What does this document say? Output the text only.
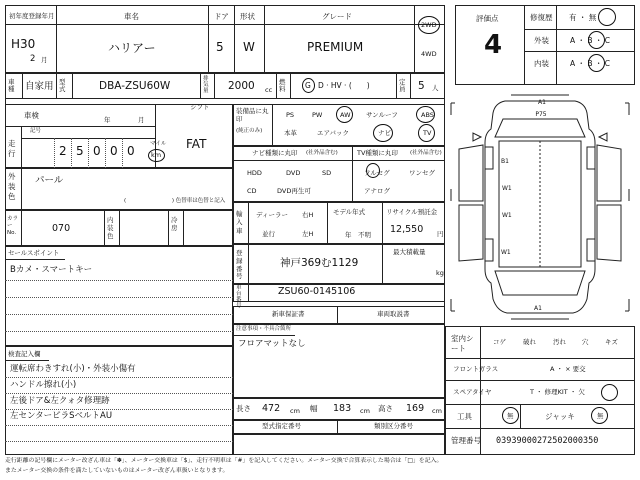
初年度登録年月
H30
2 月
車名
ハリアー
ドア
5
形状
W
グレード
PREMIUM
2WD
4WD
車種	自家用 型式	DBA-ZSU60W
排気量	2000 cc
燃料	G · D · HV · (　　)	定員	5 人
評価点
4
修復歴 有 ・ 無
外装	A ・ B ・ C
内装	A ・ B ・ C
車検	年	月
シフト
FAT
走行
記号
2 5 0 0 0	マイル
km
外装色
パール
( 　　　　　　　　) 色替車は色替と記入
カラーNo.	070
内装色
冷房
セールスポイント
Bカメ・スマートキー
検査記入欄
運転席わきすれ(小)・外装小傷有
ハンドル擦れ(小)
左後ドア&左クォタ修理跡
左センターピラSベルトAU
装備品に丸印
(純正のみ)
PS	PW	AW サンルーフ	ABS
本革	エアバック	ナビ	TV
ナビ種類に丸印 (社外品含む)
HDD	DVD	SD
CD	DVD再生可
TV種類に丸印 (社外品含む)
フルセグ	ワンセグ
アナログ
輸入車
ディーラー
並行
右H
左H
モデル年式
年　不明
リサイクル預託金
12,550 円
登録番号
神戸369む1129
最大積載量
kg
車台番号
ZSU60-0145106
新車保証書	車両取説書
注意事項・不具合箇所
フロアマットなし
長さ 472 cm 幅 183 cm 高さ 169 cm
型式指定番号	類別区分番号
A1
P75
B1
W1
W1
W1
A1
室内シート
コゲ	破れ	汚れ 穴	キズ
フロントガラス	A ・ × 要交
スペアタイヤ	T ・ 修理KIT ・ 欠
工具	無	ジャッキ	無
管理番号 03939000272502000350
走行距離の記号欄にメーター改ざん車は「✽」、メーター交換車は「$」、走行不明車は「#」を記入してください。メーター交換で合算表示した場合は「□」を記入。
またメーター交換の条件を満たしていないものはメーター改ざん車扱いとなります。
